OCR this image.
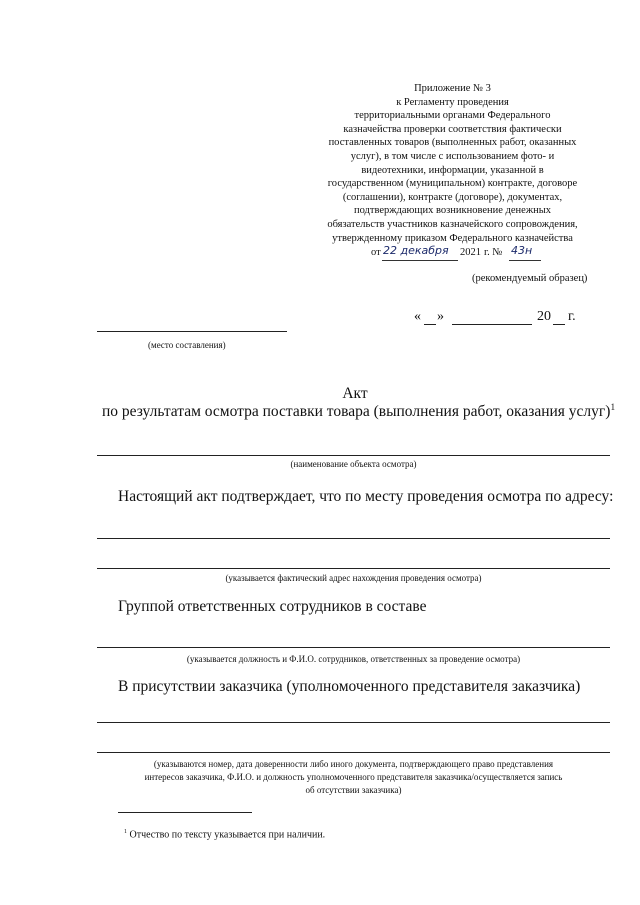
Приложение № 3
к Регламенту проведения
территориальными органами Федерального
казначейства проверки соответствия фактически
поставленных товаров (выполненных работ, оказанных
услуг), в том числе с использованием фото- и
видеотехники, информации, указанной в
государственном (муниципальном) контракте, договоре
(соглашении), контракте (договоре), документах,
подтверждающих возникновение денежных
обязательств участников казначейского сопровождения,
утвержденному приказом Федерального казначейства
от 22 декабря 2021 г. № 43н
(рекомендуемый образец)
(место составления)
« »	20 г.
Акт
по результатам осмотра поставки товара (выполнения работ, оказания услуг)$^1$
(наименование объекта осмотра)
Настоящий акт подтверждает, что по месту проведения осмотра по адресу:
(указывается фактический адрес нахождения проведения осмотра)
Группой ответственных сотрудников в составе
(указывается должность и Ф.И.О. сотрудников, ответственных за проведение осмотра)
В присутствии заказчика (уполномоченного представителя заказчика)
(указываются номер, дата доверенности либо иного документа, подтверждающего право представления
интересов заказчика, Ф.И.О. и должность уполномоченного представителя заказчика/осуществляется запись
об отсутствии заказчика)
$^1$ Отчество по тексту указывается при наличии.
